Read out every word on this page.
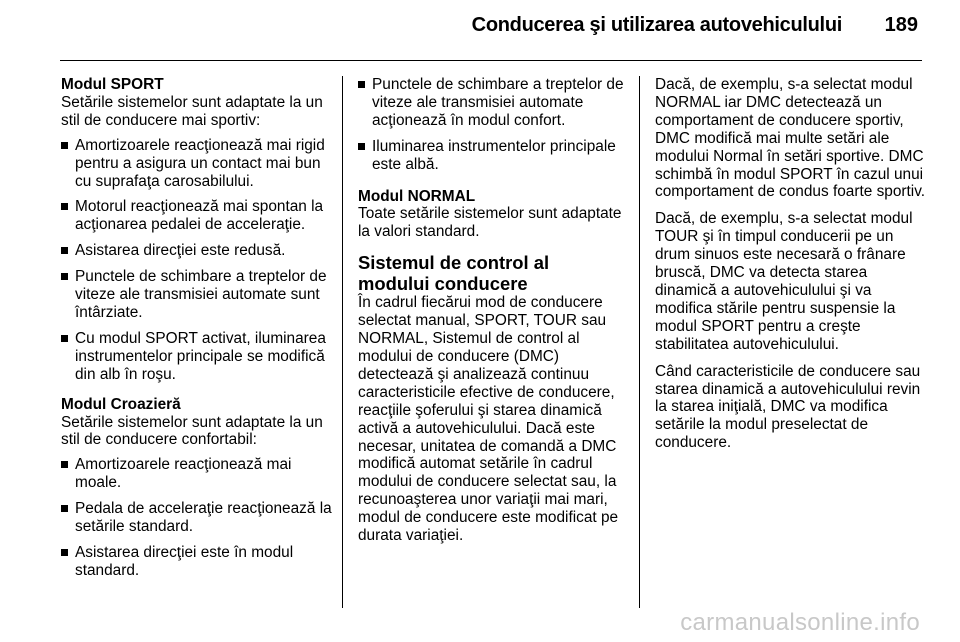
Conducerea şi utilizarea autovehiculului 189
Modul SPORT
Setările sistemelor sunt adaptate la un stil de conducere mai sportiv:
Amortizoarele reacţionează mai rigid pentru a asigura un contact mai bun cu suprafaţa carosabilului.
Motorul reacţionează mai spontan la acţionarea pedalei de acceleraţie.
Asistarea direcţiei este redusă.
Punctele de schimbare a treptelor de viteze ale transmisiei automate sunt întârziate.
Cu modul SPORT activat, iluminarea instrumentelor principale se modifică din alb în roşu.
Modul Croazieră
Setările sistemelor sunt adaptate la un stil de conducere confortabil:
Amortizoarele reacţionează mai moale.
Pedala de acceleraţie reacţionează la setările standard.
Asistarea direcţiei este în modul standard.
Punctele de schimbare a treptelor de viteze ale transmisiei automate acţionează în modul confort.
Iluminarea instrumentelor principale este albă.
Modul NORMAL
Toate setările sistemelor sunt adaptate la valori standard.
Sistemul de control al modului conducere
În cadrul fiecărui mod de conducere selectat manual, SPORT, TOUR sau NORMAL, Sistemul de control al modului de conducere (DMC) detectează şi analizează continuu caracteristicile efective de conducere, reacţiile şoferului şi starea dinamică activă a autovehiculului. Dacă este necesar, unitatea de comandă a DMC modifică automat setările în cadrul modului de conducere selectat sau, la recunoaşterea unor variaţii mai mari, modul de conducere este modificat pe durata variaţiei.
Dacă, de exemplu, s-a selectat modul NORMAL iar DMC detectează un comportament de conducere sportiv, DMC modifică mai multe setări ale modului Normal în setări sportive. DMC schimbă în modul SPORT în cazul unui comportament de condus foarte sportiv.
Dacă, de exemplu, s-a selectat modul TOUR şi în timpul conducerii pe un drum sinuos este necesară o frânare bruscă, DMC va detecta starea dinamică a autovehiculului şi va modifica stările pentru suspensie la modul SPORT pentru a creşte stabilitatea autovehiculului.
Când caracteristicile de conducere sau starea dinamică a autovehiculului revin la starea iniţială, DMC va modifica setările la modul preselectat de conducere.
carmanualsonline.info
